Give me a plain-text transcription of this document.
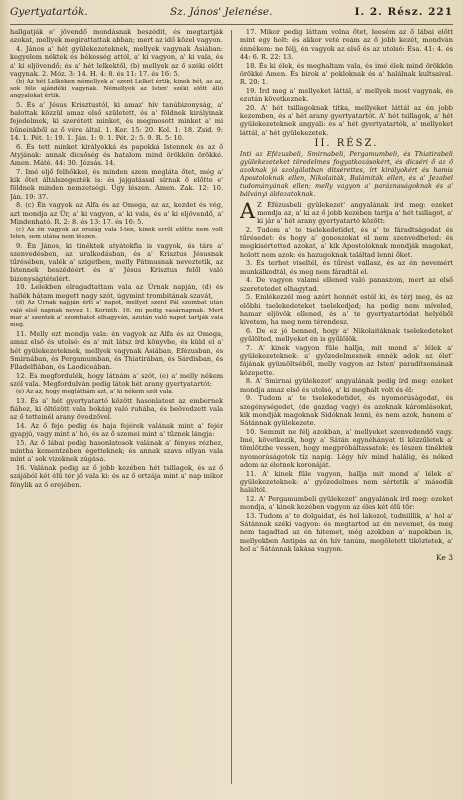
Gyertyatartók.	Sz. János' Jelenése.	I. 2. Rész. 221

hallgatják e' jövendő mondásnak beszédit, és megtartják azokat, mellyek megirattattak abban; mert az idő közel vagyon.

4. János a' hét gyülekezeteknek, mellyek vagynak Ásiában: kegyelem néktek és békesség attól, a' ki vagyon, a' ki vala, és a' ki eljövendő; és a' hét lelkektől, (b) mellyek az ő széki előtt vagynak. 2. Móz. 3: 14. H. 4: 8. és 11: 17. és 16: 5.

(b) Az hét Lelkeken némellyek a' szent Lelket értik, kinek hét, az az, sok féle ajándéki vagynak. Némellyek az Isten' széki előtt álló angyalokat értik.

5. És a' Jésus Krisztustól, ki amaz' hív tanúbizonyság, a' halottak közzül amaz első született, és a' földnek királyinak fejedelmek, ki szerétett minket, és megmosott minket a' mi bűneinkből az ő vére által. 1. Kor. 15: 20. Kol. 1: 18. Zsid. 9: 14. 1. Pét. 1: 19. 1. Ján. 1: 9. 1. Pét. 2: 5. 9. R. 5: 10.

6. És tett minket királyokká és papokká Istennek és az ő Atyjának: annak dicsőség és hatalom mind örökkön örökké. Amen. Máté. 44: 30. Jézsás. 14.

7. Imé eljő felhőkkel, és minden szem megláta őtet, még a' kik őtet általszegezték is: és jajgatással sírnak ő előtte e' földnek minden nemzetségi. Úgy lészen. Amen. Zak. 12: 10. Ján. 19: 37.

8. (c) Én vagyok az Alfa és az Omega, az az, kezdet és vég, azt mondja az Úr, a' ki vagyon, a' ki vala, és a' ki eljövendő, a' Mindenható. R. 2: 8. és 13: 17. és 16: 5.

(c) Az én vagyok az ország vala I-ten, kinek erről előtte nem volt Isten, sem utána nem lészen.

9. Én János, ki tinéktek atyátokfia is vagyok, és társ a' szenvedésben, az uralkodásban, és a' Krisztus Jésusnak tűrésében, valék a' szigetben, melly Pátmusnak neveztetik, az Istennek beszédéért és a' Jésus Krisztus felől való bizonyságtételért.

10. Lelekben elragadtattam vala az Úrnak napján, (d) és hallék hátam megett nagy szót, úgymint trombitának szavát,

(d) Az Úrnak napján érti a' napot, mellyet szent Pál szombat után való első napnak nevez 1. Korinth. 16. mi pedig vasárnapnak. Mert mar a' szentek a' szombatot elhagyván, azután való napot tartják vala meg.

11. Melly ezt mondja vala: én vagyok az Alfa és az Omega, amaz első és utolsó: és a' mit látsz írd könyvbe, és küld el a' hét gyülekezeteknek, mellyek vagynak Ásiában, Efézusban, és Smirnában, és Pergamumban, és Thiatirában, és Sárdisban, és Filadelfiában, és Laodiceában.

12. És megfordulék, hogy látnám a' szót, (e) a' melly nékem szól vala. Megfordulván pedig látok hét arany gyertyatartót:

(e) Az az, hogy megláthám azt, a' ki nékem szól vala.

13. És a' hét gyertyatartó között hasonlatost az embernek fiához, ki öltözött vala bokáig való ruhába, és beövedzett vala az ő tetteinél arany övedzővel.

14. Az ő feje pedig és haja fejérek valának mint a' fejér gyapjú, vagy mint a' hó, és az ő szemei mint a' tűznek lángja:

15. Az ő lábai pedig hasonlatosok valának a' fényes rézhez, mintha kementzében égetteknek; és annak szava ollyan vala mint a' sok vizeknek zúgása.

16. Valának pedig az ő jobb kezében hét tsillagok, és az ő szájából két élű tér jő vala ki: és az ő ortzája mint a' nap mikor fénylik az ő erejében.

17. Mikor pedig láttam volna őtet, leesém az ő lábai előtt mint egy holt: és akkor veté reám az ő jobb kezét, mondván énnékem: ne félj, én vagyok az első és az utolsó: Ésa. 41: 4. és 44: 6. R. 22: 13.

18. És ki élek, és meghaltam vala, és imé élek mind örökkön örökké Amen. És birok a' pokloknak és a' halálnak kultsaival. R. 20: 1.

19. Írd meg a' mellyeket láttál, a' mellyek most vagynak, és ezután következnek.

20. A' hét tsillagoknak titka, mellyeket láttál az én jobb kezemben, és a' hét arany gyertyatartót. A' hét tsillagok, a' hét gyülekezeteknek angyali: és a' hét gyertyatartók, a' mellyeket láttál, a' hét gyülekezetek.

II. RÉSZ.
Inti az Efézusbeli, Smirnabeli, Pergamumbeli, és Thiatirabeli gyülekezeteket töredelmes fogyatkozásokért, és dicséri ő az ő azoknak jó szolgálatban ditsérettes, írt királyokért és hamis Apostoloknak ellen, Nikolaiták, Balámiták ellen, és a' Jezabel tudományának ellen; melly vagyon a' paráznaságoknak és a' bálványi áldozatoknak.

A Z Éfézusbeli gyülekezet' angyalának írd meg: ezeket mondja az, a' ki az ő jobb kezében tartja a' hét tsillagot, a' ki jár a' hét arany gyertyatartó között:

2. Tudom a' te tselekedetidet, és a' te fáradtságodat és tűrésedet: és hogy a' gonoszokat el nem szenvedheted: és megkisértetted azokat, a' kik Apostoloknak mondják magokat, holott nem azok: és hazugoknak találtad lenni őket.

3. És terhet viseltél, és tűrést vallasz, és az én nevemért munkálkodtál, és meg nem fáradtál el.

4. De vagyon valami ellened való panaszom, mert az első szeretetedet elhagytad.

5. Emlékezzél meg azért honnét estél ki, és térj meg, és az előbbi tselekedeteket tselekedjed; ha pedig nem míveled, hamar eljövök ellened, és a' te gyertyatartódat helyéből kivetem, ha meg nem térendesz.

6. De ez jó benned, hogy a' Nikolaitáknak tselekedeteket gyűlölted, mellyeket én is gyűlölök.

7. A' kinek vagyon füle hallja, mit mond a' lélek a' gyülekezeteknek: a' győzedelmesnek ennék adok az élet' fájának gyümöltséből, melly vagyon az Isten' paradítsomának közepette.

8. A' Smirnai gyülekezet' angyalának pedig írd meg: ezeket mondja amaz első és utolsó, a' ki meghalt volt és él:

9. Tudom a' te tselekedetidet, és nyomorúságodat, és szegénységedet, (de gazdag vagy) és azoknak káromlásokat, kik mondják magoknak Sidóknak lenni, és nem azok, hanem a' Sátánnak gyülekezete.

10. Semmit ne félj azokban, a' mellyeket szenvedendő vagy. Imé, következik, hogy a' Sátán egynéhányat ti közzűletek a' tömlötzbe vessen, hogy megpróbáltassatok: és lészen tinéktek nyomorúságotok tíz napig. Légy hív mind halálig, és néked adom az életnek koronáját.

11. A' kinek füle vagyon, hallja mit mond a' lélek a' gyülekezeteknek: a' győzedelmes nem sértetik a' második haláltól.

12. A' Pergamumbeli gyülekezet' angyalának írd meg: ezeket mondja, a' kinek kezében vagyon az éles két élű tőr:

13. Tudom a' te dolgaidat, és hol lakozol, tudniillik, a' hol a' Sátánnak széki vagyon: és megtartod az én nevemet, és meg nem tagadtad az én hitemet, még azokban a' napokban is, mellyekben Antipás az én hív tanúm, megöletett tiköztetek, a' hol a' Sátánnak lakása vagyon.

Ke 3
